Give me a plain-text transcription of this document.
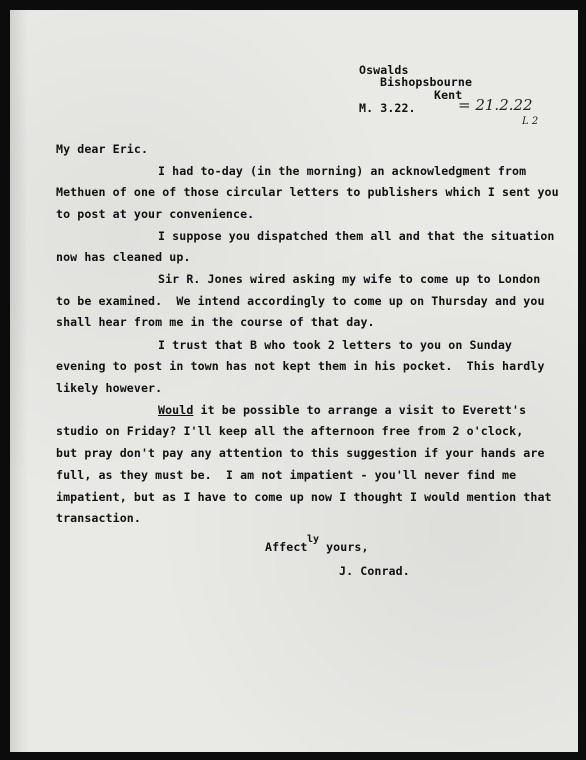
Oswalds
Bishopsbourne
Kent
M. 3.22.	= 21.2.22
L 2
My dear Eric.
I had to-day (in the morning) an acknowledgment from
Methuen of one of those circular letters to publishers which I sent you
to post at your convenience.
I suppose you dispatched them all and that the situation
now has cleaned up.
Sir R. Jones wired asking my wife to come up to London
to be examined.  We intend accordingly to come up on Thursday and you
shall hear from me in the course of that day.
I trust that B who took 2 letters to you on Sunday
evening to post in town has not kept them in his pocket.  This hardly
likely however.
Would it be possible to arrange a visit to Everett's
studio on Friday? I'll keep all the afternoon free from 2 o'clock,
but pray don't pay any attention to this suggestion if your hands are
full, as they must be.  I am not impatient - you'll never find me
impatient, but as I have to come up now I thought I would mention that
transaction.
Affect
ly
yours,
J. Conrad.
